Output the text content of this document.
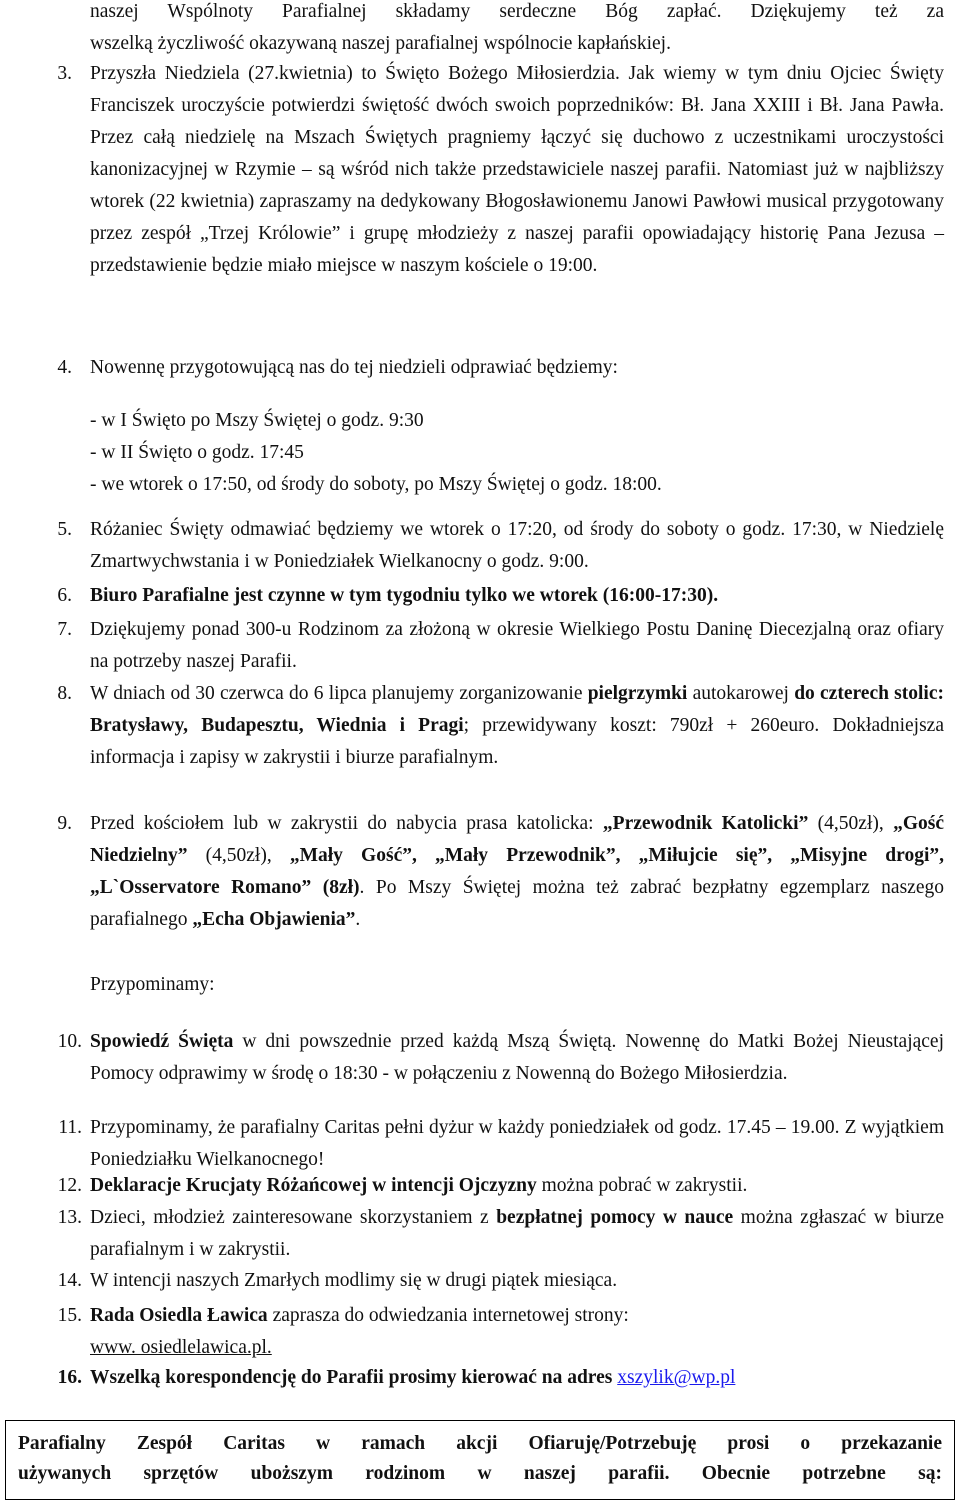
naszej Wspólnoty Parafialnej składamy serdeczne Bóg zapłać. Dziękujemy też za

wszelką życzliwość okazywaną naszej parafialnej wspólnocie kapłańskiej.

3. Przyszła Niedziela (27.kwietnia) to Święto Bożego Miłosierdzia. Jak wiemy w tym dniu Ojciec Święty Franciszek uroczyście potwierdzi świętość dwóch swoich poprzedników: Bł. Jana XXIII i Bł. Jana Pawła. Przez całą niedzielę na Mszach Świętych pragniemy łączyć się duchowo z uczestnikami uroczystości kanonizacyjnej w Rzymie – są wśród nich także przedstawiciele naszej parafii. Natomiast już w najbliższy wtorek (22 kwietnia) zapraszamy na dedykowany Błogosławionemu Janowi Pawłowi musical przygotowany przez zespół „Trzej Królowie” i grupę młodzieży z naszej parafii opowiadający historię Pana Jezusa – przedstawienie będzie miało miejsce w naszym kościele o 19:00.

4. Nowennę przygotowującą nas do tej niedzieli odprawiać będziemy:

- w I Święto po Mszy Świętej o godz. 9:30
- w II Święto o godz. 17:45
- we wtorek o 17:50, od środy do soboty, po Mszy Świętej o godz. 18:00.
5. Różaniec Święty odmawiać będziemy we wtorek o 17:20, od środy do soboty o godz. 17:30, w Niedzielę Zmartwychwstania i w Poniedziałek Wielkanocny o godz. 9:00.

6. Biuro Parafialne jest czynne w tym tygodniu tylko we wtorek (16:00-17:30).

7. Dziękujemy ponad 300-u Rodzinom za złożoną w okresie Wielkiego Postu Daninę Diecezjalną oraz ofiary na potrzeby naszej Parafii.

8. W dniach od 30 czerwca do 6 lipca planujemy zorganizowanie pielgrzymki autokarowej do czterech stolic: Bratysławy, Budapesztu, Wiednia i Pragi; przewidywany koszt: 790zł + 260euro. Dokładniejsza informacja i zapisy w zakrystii i biurze parafialnym.

9. Przed kościołem lub w zakrystii do nabycia prasa katolicka: „Przewodnik Katolicki” (4,50zł), „Gość Niedzielny” (4,50zł), „Mały Gość”, „Mały Przewodnik”, „Miłujcie się”, „Misyjne drogi”, „L`Osservatore Romano” (8zł). Po Mszy Świętej można też zabrać bezpłatny egzemplarz naszego parafialnego „Echa Objawienia”.

Przypominamy:
10. Spowiedź Święta w dni powszednie przed każdą Mszą Świętą. Nowennę do Matki Bożej Nieustającej Pomocy odprawimy w środę o 18:30 - w połączeniu z Nowenną do Bożego Miłosierdzia.

11. Przypominamy, że parafialny Caritas pełni dyżur w każdy poniedziałek od godz. 17.45 – 19.00. Z wyjątkiem Poniedziałku Wielkanocnego!

12. Deklaracje Krucjaty Różańcowej w intencji Ojczyzny można pobrać w zakrystii.

13. Dzieci, młodzież zainteresowane skorzystaniem z bezpłatnej pomocy w nauce można zgłaszać w biurze parafialnym i w zakrystii.

14. W intencji naszych Zmarłych modlimy się w drugi piątek miesiąca.

15. Rada Osiedla Ławica zaprasza do odwiedzania internetowej strony:

www. osiedlelawica.pl.

16. Wszelką korespondencję do Parafii prosimy kierować na adres xszylik@wp.pl

Parafialny Zespół Caritas w ramach akcji Ofiaruję/Potrzebuję prosi o przekazanie
używanych sprzętów uboższym rodzinom w naszej parafii. Obecnie potrzebne są:
